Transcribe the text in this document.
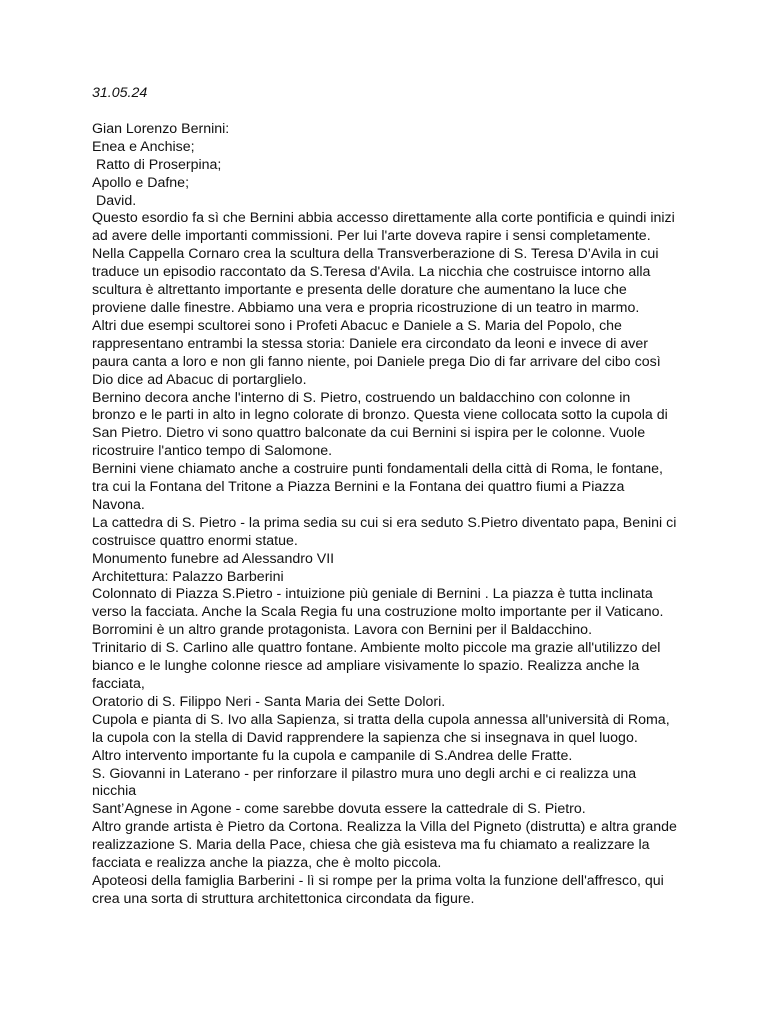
31.05.24

Gian Lorenzo Bernini:

Enea e Anchise;

Ratto di Proserpina;

Apollo e Dafne;

David.

Questo esordio fa sì che Bernini abbia accesso direttamente alla corte pontificia e quindi inizi ad avere delle importanti commissioni. Per lui l'arte doveva rapire i sensi completamente. Nella Cappella Cornaro crea la scultura della Transverberazione di S. Teresa D’Avila in cui traduce un episodio raccontato da S.Teresa d'Avila. La nicchia che costruisce intorno alla scultura è altrettanto importante e presenta delle dorature che aumentano la luce che proviene dalle finestre. Abbiamo una vera e propria ricostruzione di un teatro in marmo.

Altri due esempi scultorei sono i Profeti Abacuc e Daniele a S. Maria del Popolo, che rappresentano entrambi la stessa storia: Daniele era circondato da leoni e invece di aver paura canta a loro e non gli fanno niente, poi Daniele prega Dio di far arrivare del cibo così Dio dice ad Abacuc di portarglielo.

Bernino decora anche l'interno di S. Pietro, costruendo un baldacchino con colonne in bronzo e le parti in alto in legno colorate di bronzo. Questa viene collocata sotto la cupola di San Pietro. Dietro vi sono quattro balconate da cui Bernini si ispira per le colonne. Vuole ricostruire l'antico tempo di Salomone.

Bernini viene chiamato anche a costruire punti fondamentali della città di Roma, le fontane, tra cui la Fontana del Tritone a Piazza Bernini e la Fontana dei quattro fiumi a Piazza Navona.

La cattedra di S. Pietro - la prima sedia su cui si era seduto S.Pietro diventato papa, Benini ci costruisce quattro enormi statue.

Monumento funebre ad Alessandro VII

Architettura: Palazzo Barberini

Colonnato di Piazza S.Pietro - intuizione più geniale di Bernini . La piazza è tutta inclinata verso la facciata. Anche la Scala Regia fu una costruzione molto importante per il Vaticano.

Borromini è un altro grande protagonista. Lavora con Bernini per il Baldacchino.

Trinitario di S. Carlino alle quattro fontane. Ambiente molto piccole ma grazie all'utilizzo del bianco e le lunghe colonne riesce ad ampliare visivamente lo spazio. Realizza anche la facciata,

Oratorio di S. Filippo Neri - Santa Maria dei Sette Dolori.

Cupola e pianta di S. Ivo alla Sapienza, si tratta della cupola annessa all'università di Roma, la cupola con la stella di David rapprendere la sapienza che si insegnava in quel luogo.

Altro intervento importante fu la cupola e campanile di S.Andrea delle Fratte.

S. Giovanni in Laterano - per rinforzare il pilastro mura uno degli archi e ci realizza una nicchia

Sant’Agnese in Agone - come sarebbe dovuta essere la cattedrale di S. Pietro.

Altro grande artista è Pietro da Cortona. Realizza la Villa del Pigneto (distrutta) e altra grande realizzazione S. Maria della Pace, chiesa che già esisteva ma fu chiamato a realizzare la facciata e realizza anche la piazza, che è molto piccola.

Apoteosi della famiglia Barberini - lì si rompe per la prima volta la funzione dell'affresco, qui crea una sorta di struttura architettonica circondata da figure.
